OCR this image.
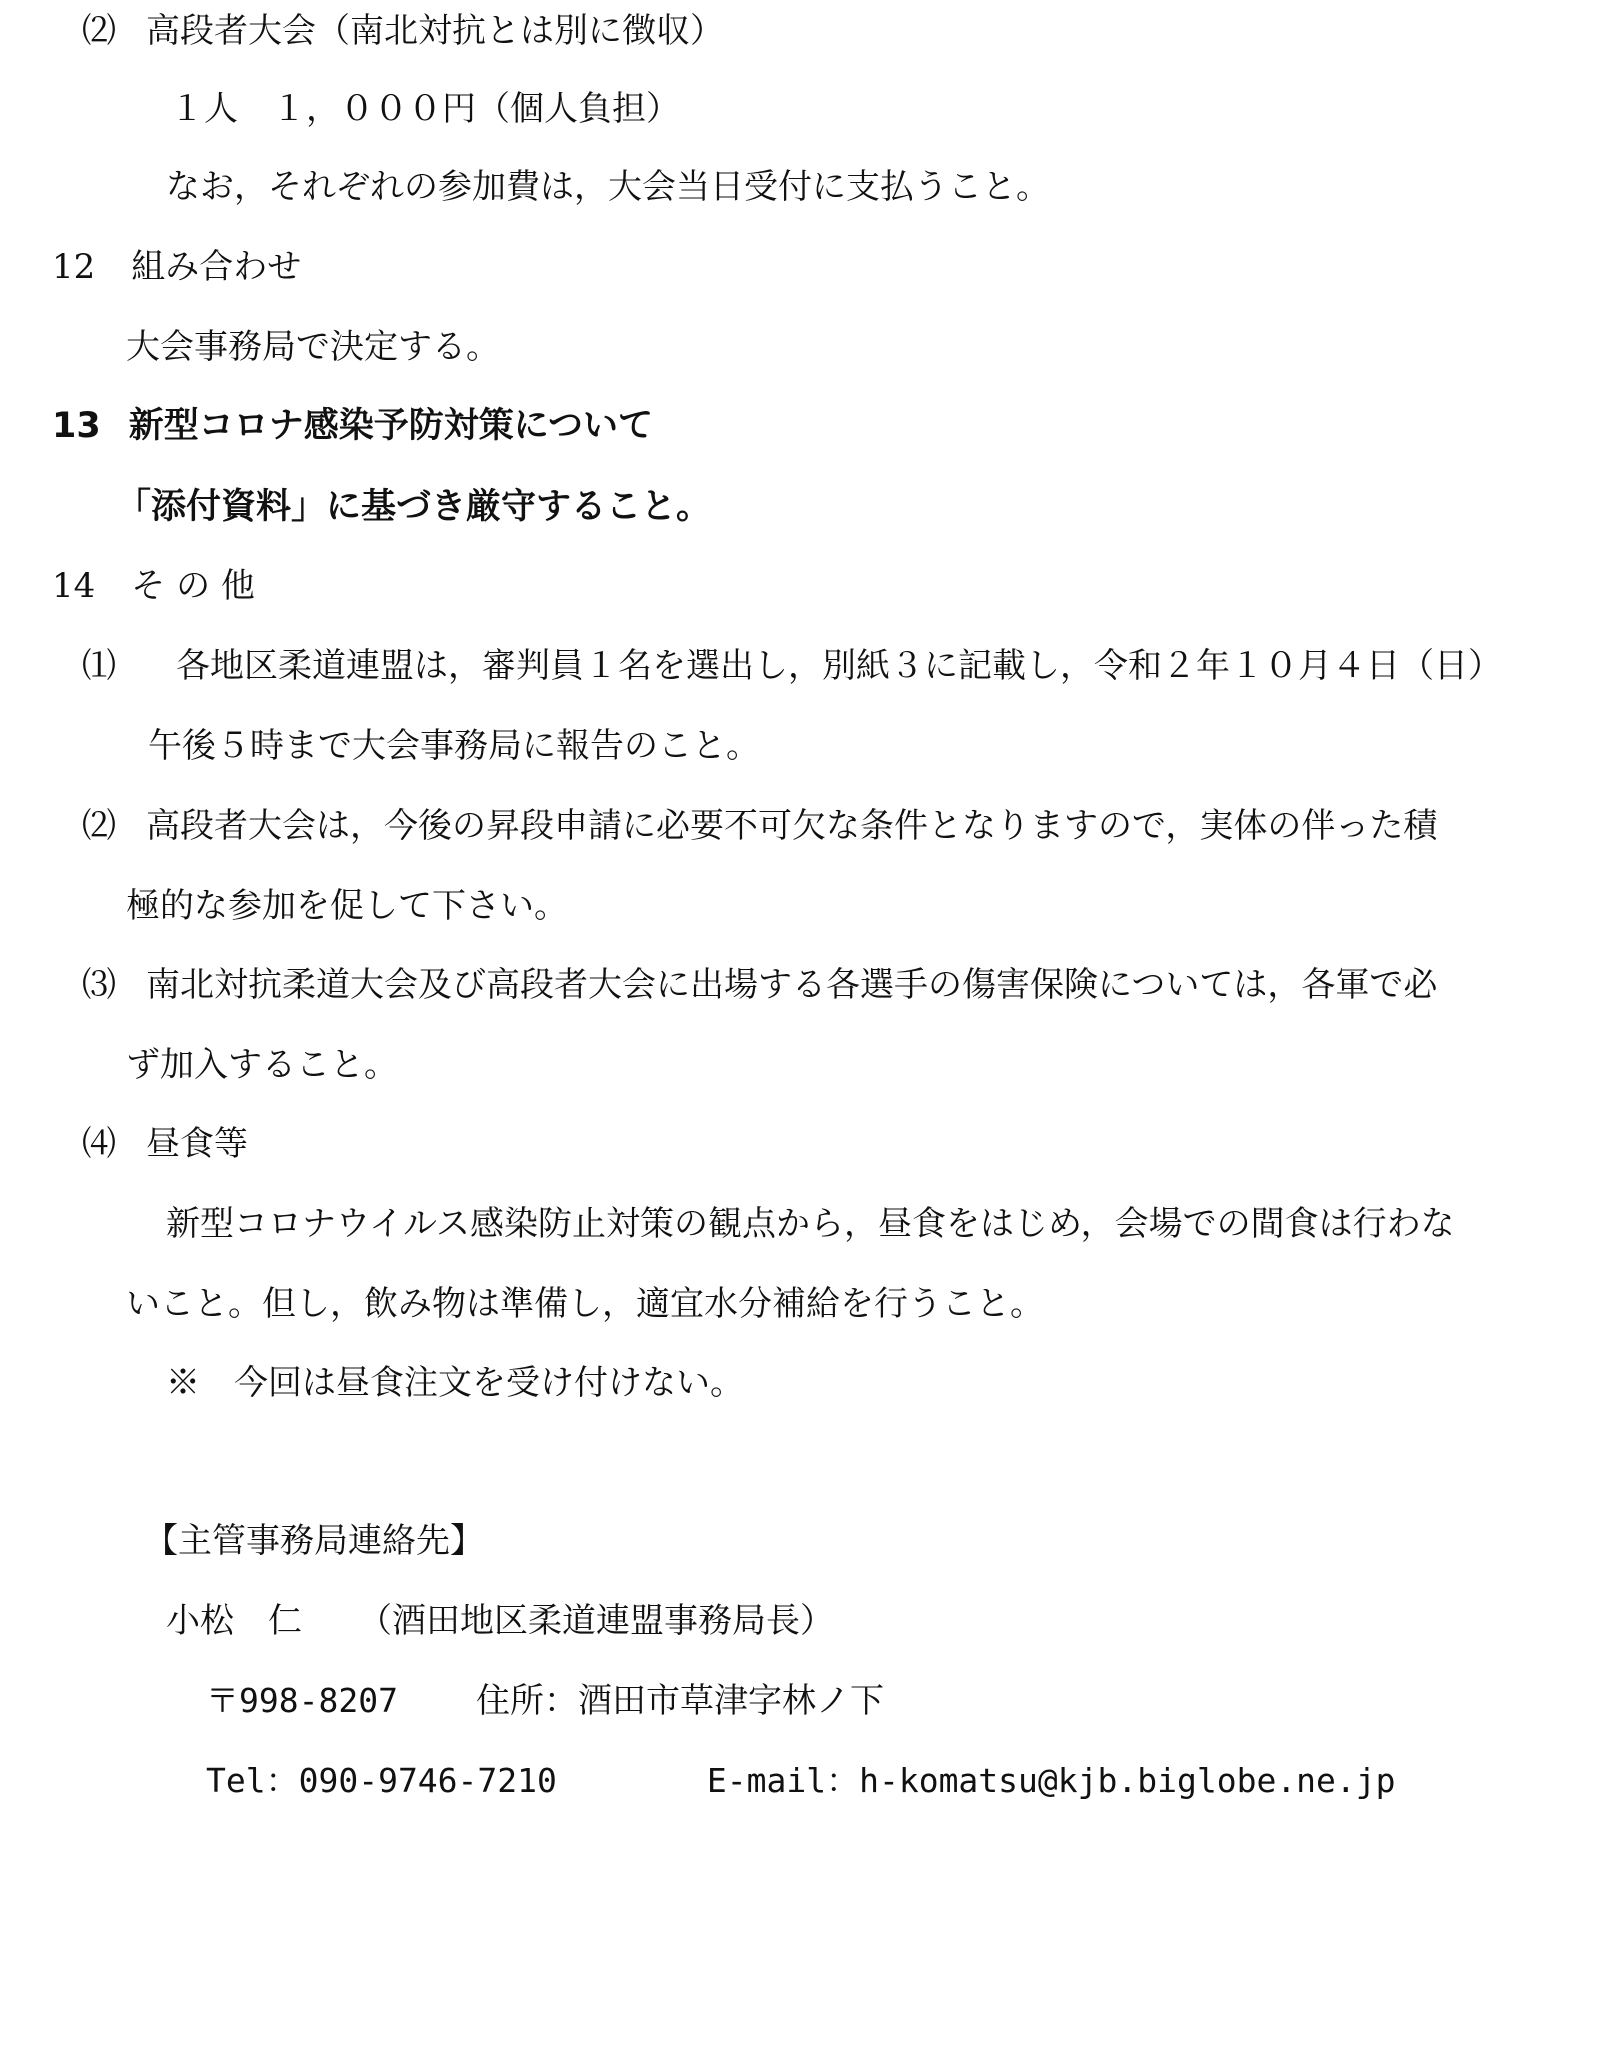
⑵ 高段者大会（南北対抗とは別に徴収）
１人　１，０００円（個人負担）
なお，それぞれの参加費は，大会当日受付に支払うこと。
12 組み合わせ
大会事務局で決定する。
13 新型コロナ感染予防対策について
「添付資料」に基づき厳守すること。
14 そ の 他
⑴ 各地区柔道連盟は，審判員１名を選出し，別紙３に記載し，令和２年１０月４日（日）
午後５時まで大会事務局に報告のこと。
⑵ 高段者大会は，今後の昇段申請に必要不可欠な条件となりますので，実体の伴った積
極的な参加を促して下さい。
⑶ 南北対抗柔道大会及び高段者大会に出場する各選手の傷害保険については，各軍で必
ず加入すること。
⑷ 昼食等
新型コロナウイルス感染防止対策の観点から，昼食をはじめ，会場での間食は行わな
いこと。但し，飲み物は準備し，適宜水分補給を行うこと。
※　今回は昼食注文を受け付けない。
【主管事務局連絡先】
小松　仁 （酒田地区柔道連盟事務局長）
〒998-8207 住所：酒田市草津字林ノ下
Tel：090-9746-7210	E-mail：h-komatsu@kjb.biglobe.ne.jp
